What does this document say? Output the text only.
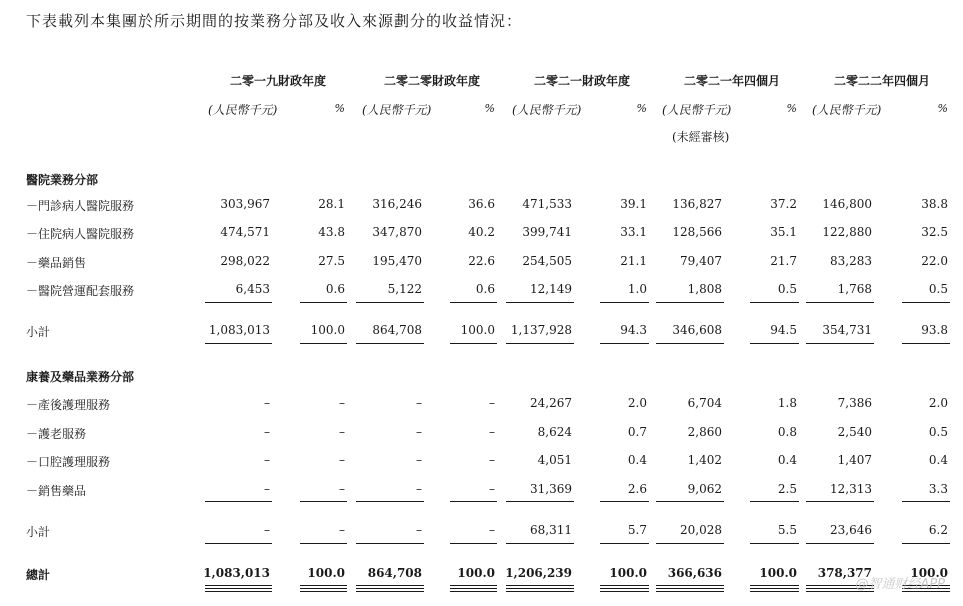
下表載列本集團於所示期間的按業務分部及收入來源劃分的收益情況：
二零一九財政年度
(人民幣千元)	%
二零二零財政年度
(人民幣千元)	%
二零二一財政年度
(人民幣千元)	%
二零二一年四個月
(人民幣千元)	%
(未經審核)
二零二二年四個月
(人民幣千元)	%
醫院業務分部
－門診病人醫院服務	303,967	28.1 316,246	36.6 471,533	39.1 136,827	37.2 146,800	38.8
－住院病人醫院服務	474,571	43.8 347,870	40.2 399,741	33.1 128,566	35.1 122,880	32.5
－藥品銷售	298,022	27.5 195,470	22.6 254,505	21.1	79,407	21.7	83,283	22.0
－醫院營運配套服務	6,453	0.6	5,122	0.6	12,149	1.0	1,808	0.5	1,768	0.5
小計	1,083,013	100.0 864,708	100.0 1,137,928	94.3 346,608	94.5 354,731	93.8
康養及藥品業務分部
－產後護理服務	–	–	–	–	24,267	2.0	6,704	1.8	7,386	2.0
－護老服務	–	–	–	–	8,624	0.7	2,860	0.8	2,540	0.5
－口腔護理服務	–	–	–	–	4,051	0.4	1,402	0.4	1,407	0.4
－銷售藥品	–	–	–	–	31,369	2.6	9,062	2.5	12,313	3.3
小計	–	–	–	–	68,311	5.7	20,028	5.5	23,646	6.2
總計	1,083,013	100.0 864,708	100.0 1,206,239	100.0 366,636	100.0 378,377	100.0
@智通财经APP
